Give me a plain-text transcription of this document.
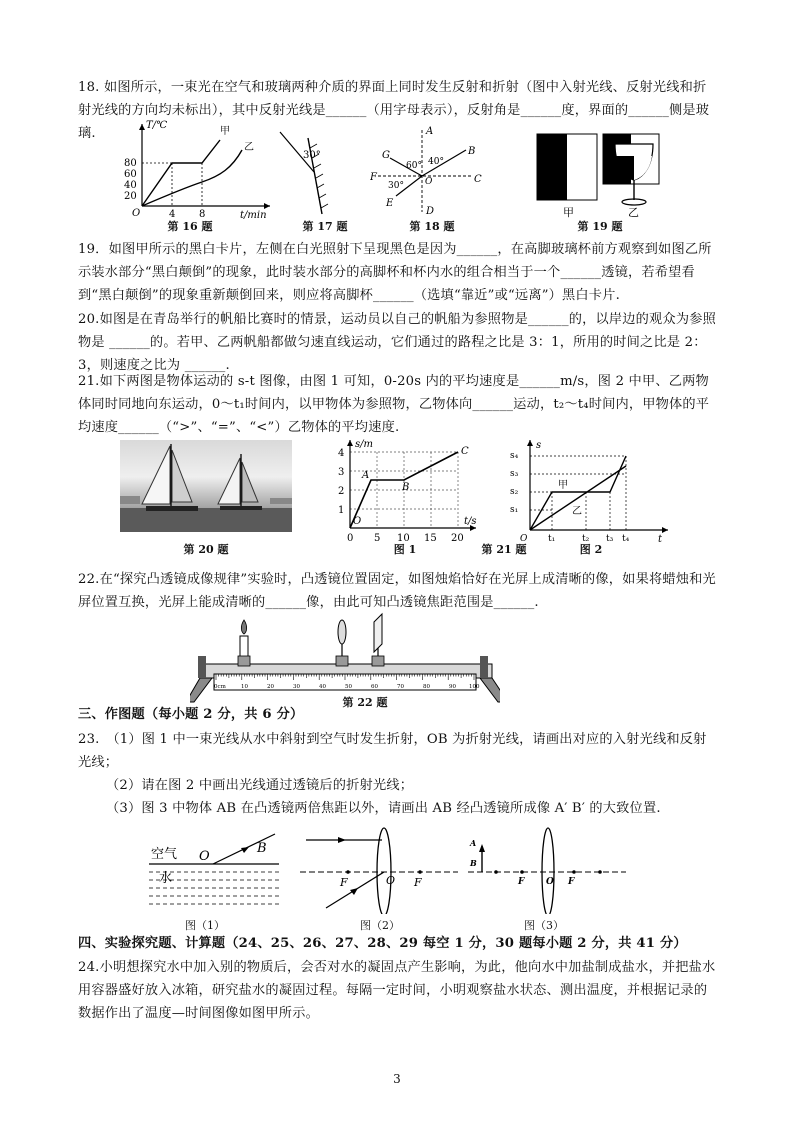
18. 如图所示，一束光在空气和玻璃两种介质的界面上同时发生反射和折射（图中入射光线、反射光线和折射光线的方向均未标出），其中反射光线是______（用字母表示），反射角是______度，界面的______侧是玻璃.

T/℃
t/min
80
60
40
20
O	4 8
甲
乙
第 16 题
30°
第 17 题
A
B
C
D
E
F
G
O
60° 40°
30°
第 18 题
甲	乙
第 19 题

19．如图甲所示的黑白卡片，左侧在白光照射下呈现黑色是因为______，在高脚玻璃杯前方观察到如图乙所示装水部分“黑白颠倒”的现象，此时装水部分的高脚杯和杯内水的组合相当于一个______透镜，若希望看到“黑白颠倒”的现象重新颠倒回来，则应将高脚杯______（选填“靠近”或“远离”）黑白卡片.

20.如图是在青岛举行的帆船比赛时的情景，运动员以自己的帆船为参照物是______的，以岸边的观众为参照物是 ______的。若甲、乙两帆船都做匀速直线运动，它们通过的路程之比是 3：1，所用的时间之比是 2：3，则速度之比为 ______.

21.如下两图是物体运动的 s-t 图像，由图 1 可知，0-20s 内的平均速度是______m/s，图 2 中甲、乙两物体同时同地向东运动，0～t₁时间内，以甲物体为参照物，乙物体向______运动，t₂～t₄时间内，甲物体的平均速度______（“>”、“=”、“<”）乙物体的平均速度.

第 20 题
s/m
t/s
4
3
2
1
0 5 10 15 20
A
B
C
O
图 1	第 21 题
s
t
s₄
s₃
s₂
s₁
O t₁	t₂ t₃ t₄
甲
乙
图 2

22.在“探究凸透镜成像规律”实验时，凸透镜位置固定，如图烛焰恰好在光屏上成清晰的像，如果将蜡烛和光屏位置互换，光屏上能成清晰的______像，由此可知凸透镜焦距范围是______.

0cm	10	20	30	40	50	60	70	80	90 100
第 22 题

三、作图题（每小题 2 分，共 6 分）

23.　（1）图 1 中一束光线从水中斜射到空气时发生折射，OB 为折射光线，请画出对应的入射光线和反射光线；

（2）请在图 2 中画出光线通过透镜后的折射光线；

（3）图 3 中物体 AB 在凸透镜两倍焦距以外，请画出 AB 经凸透镜所成像 A′ B′ 的大致位置.

空气 O
B
水
图（1）
F	O F
图（2）
A
B
F O F
图（3）

四、实验探究题、计算题（24、25、26、27、28、29 每空 1 分，30 题每小题 2 分，共 41 分）

24.小明想探究水中加入别的物质后，会否对水的凝固点产生影响，为此，他向水中加盐制成盐水，并把盐水用容器盛好放入冰箱，研究盐水的凝固过程。每隔一定时间，小明观察盐水状态、测出温度，并根据记录的数据作出了温度—时间图像如图甲所示。

3
